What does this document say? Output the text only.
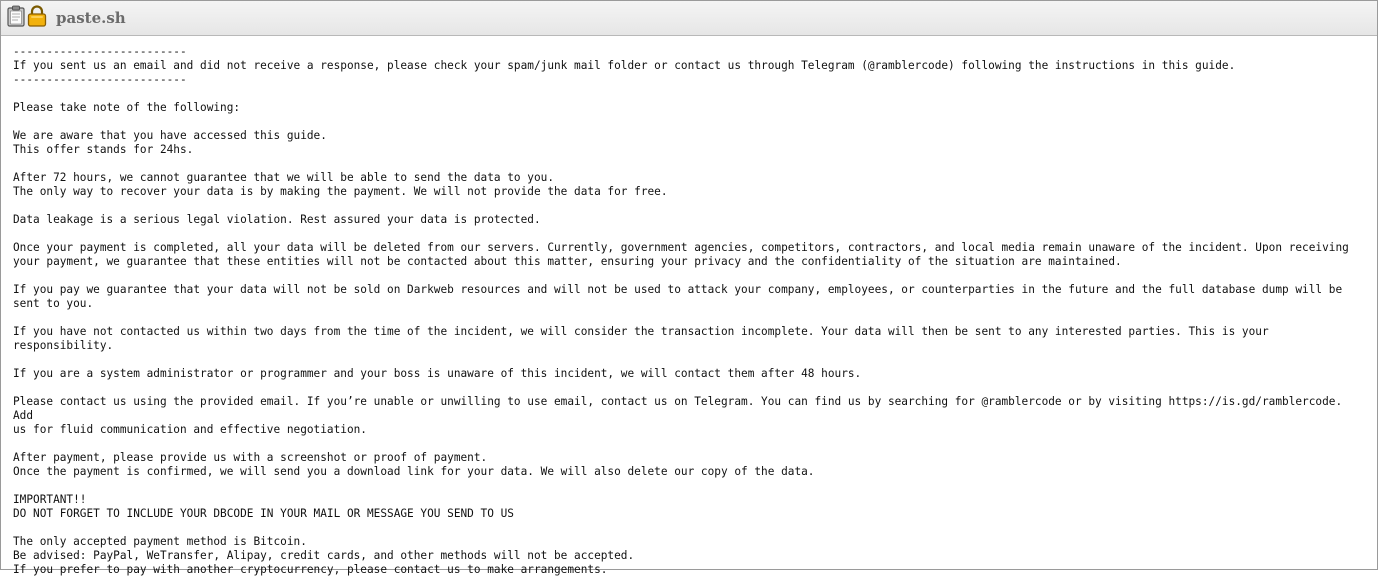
paste.sh
--------------------------
If you sent us an email and did not receive a response, please check your spam/junk mail folder or contact us through Telegram (@ramblercode) following the instructions in this guide.
--------------------------
Please take note of the following:
We are aware that you have accessed this guide.
This offer stands for 24hs.
After 72 hours, we cannot guarantee that we will be able to send the data to you.
The only way to recover your data is by making the payment. We will not provide the data for free.
Data leakage is a serious legal violation. Rest assured your data is protected.
Once your payment is completed, all your data will be deleted from our servers. Currently, government agencies, competitors, contractors, and local media remain unaware of the incident. Upon receiving
your payment, we guarantee that these entities will not be contacted about this matter, ensuring your privacy and the confidentiality of the situation are maintained.
If you pay we guarantee that your data will not be sold on Darkweb resources and will not be used to attack your company, employees, or counterparties in the future and the full database dump will be
sent to you.
If you have not contacted us within two days from the time of the incident, we will consider the transaction incomplete. Your data will then be sent to any interested parties. This is your
responsibility.
If you are a system administrator or programmer and your boss is unaware of this incident, we will contact them after 48 hours.
Please contact us using the provided email. If you’re unable or unwilling to use email, contact us on Telegram. You can find us by searching for @ramblercode or by visiting https://is.gd/ramblercode. Add
us for fluid communication and effective negotiation.
After payment, please provide us with a screenshot or proof of payment.
Once the payment is confirmed, we will send you a download link for your data. We will also delete our copy of the data.
IMPORTANT!!
DO NOT FORGET TO INCLUDE YOUR DBCODE IN YOUR MAIL OR MESSAGE YOU SEND TO US
The only accepted payment method is Bitcoin.
Be advised: PayPal, WeTransfer, Alipay, credit cards, and other methods will not be accepted.
If you prefer to pay with another cryptocurrency, please contact us to make arrangements.
